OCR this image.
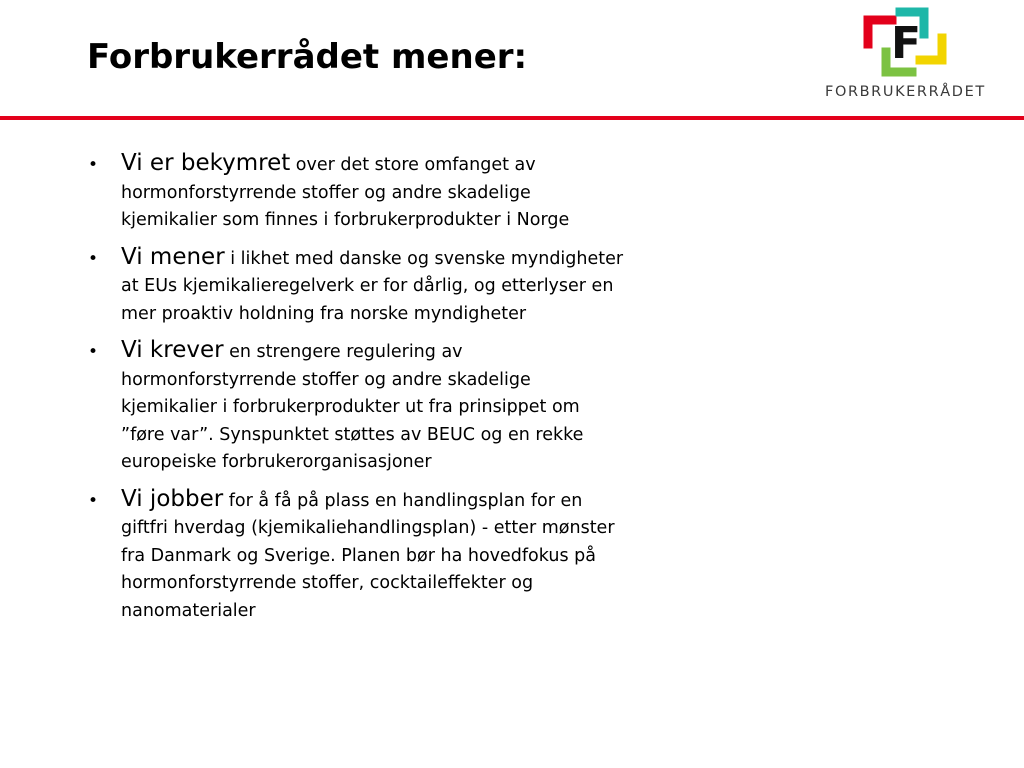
Forbrukerrådet mener:	F
FORBRUKERRÅDET
• Vi er bekymret over det store omfanget av hormonforstyrrende stoffer og andre skadelige kjemikalier som finnes i forbrukerprodukter i Norge
• Vi mener i likhet med danske og svenske myndigheter at EUs kjemikalieregelverk er for dårlig, og etterlyser en mer proaktiv holdning fra norske myndigheter
• Vi krever en strengere regulering av hormonforstyrrende stoffer og andre skadelige kjemikalier i forbrukerprodukter ut fra prinsippet om ”føre var”. Synspunktet støttes av BEUC og en rekke europeiske forbrukerorganisasjoner
• Vi jobber for å få på plass en handlingsplan for en giftfri hverdag (kjemikaliehandlingsplan) - etter mønster fra Danmark og Sverige. Planen bør ha hovedfokus på hormonforstyrrende stoffer, cocktaileffekter og nanomaterialer
